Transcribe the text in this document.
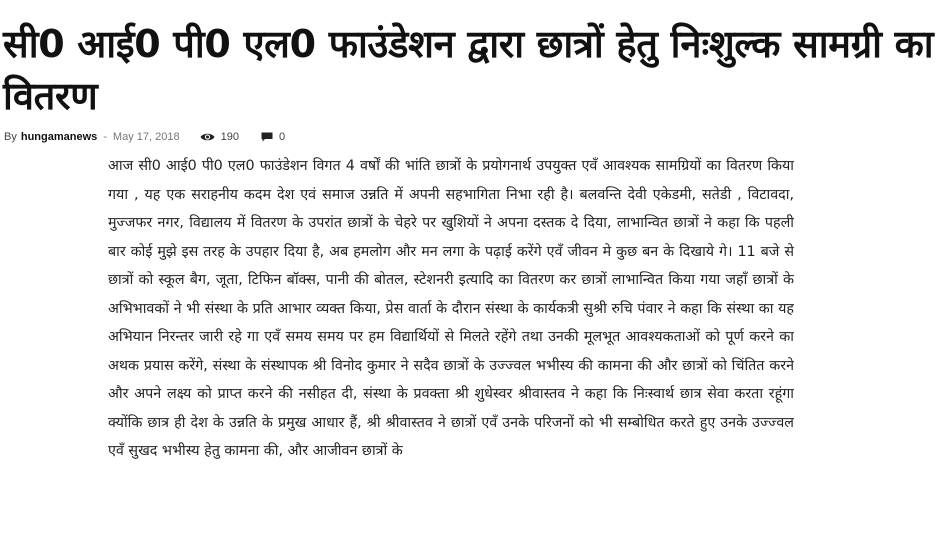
सी0 आई0 पी0 एल0 फाउंडेशन द्वारा छात्रों हेतु निःशुल्क सामग्री का वितरण
By hungamanews - May 17, 2018	190	0

आज सी0 आई0 पी0 एल0 फाउंडेशन विगत 4 वर्षों की भांति छात्रों के प्रयोगनार्थ उपयुक्त एवँ आवश्यक सामग्रियों का वितरण किया गया , यह एक सराहनीय कदम देश एवं समाज उन्नति में अपनी सहभागिता निभा रही है। बलवन्ति देवी एकेडमी, सतेडी , विटावदा, मुज्जफर नगर, विद्यालय में वितरण के उपरांत छात्रों के चेहरे पर खुशियों ने अपना दस्तक दे दिया, लाभान्वित छात्रों ने कहा कि पहली बार कोई मुझे इस तरह के उपहार दिया है, अब हमलोग और मन लगा के पढ़ाई करेंगे एवँ जीवन मे कुछ बन के दिखाये गे। 11 बजे से छात्रों को स्कूल बैग, जूता, टिफिन बॉक्स, पानी की बोतल, स्टेशनरी इत्यादि का वितरण कर छात्रों लाभान्वित किया गया जहाँ छात्रों के अभिभावकों ने भी संस्था के प्रति आभार व्यक्त किया, प्रेस वार्ता के दौरान संस्था के कार्यकत्री सुश्री रुचि पंवार ने कहा कि संस्था का यह अभियान निरन्तर जारी रहे गा एवँ समय समय पर हम विद्यार्थियों से मिलते रहेंगे तथा उनकी मूलभूत आवश्यकताओं को पूर्ण करने का अथक प्रयास करेंगे, संस्था के संस्थापक श्री विनोद कुमार ने सदैव छात्रों के उज्ज्वल भभीस्य की कामना की और छात्रों को चिंतित करने और अपने लक्ष्य को प्राप्त करने की नसीहत दी, संस्था के प्रवक्ता श्री शुधेस्वर श्रीवास्तव ने कहा कि निःस्वार्थ छात्र सेवा करता रहूंगा क्योंकि छात्र ही देश के उन्नति के प्रमुख आधार हैं, श्री श्रीवास्तव ने छात्रों एवँ उनके परिजनों को भी सम्बोधित करते हुए उनके उज्ज्वल एवँ सुखद भभीस्य हेतु कामना की, और आजीवन छात्रों के
